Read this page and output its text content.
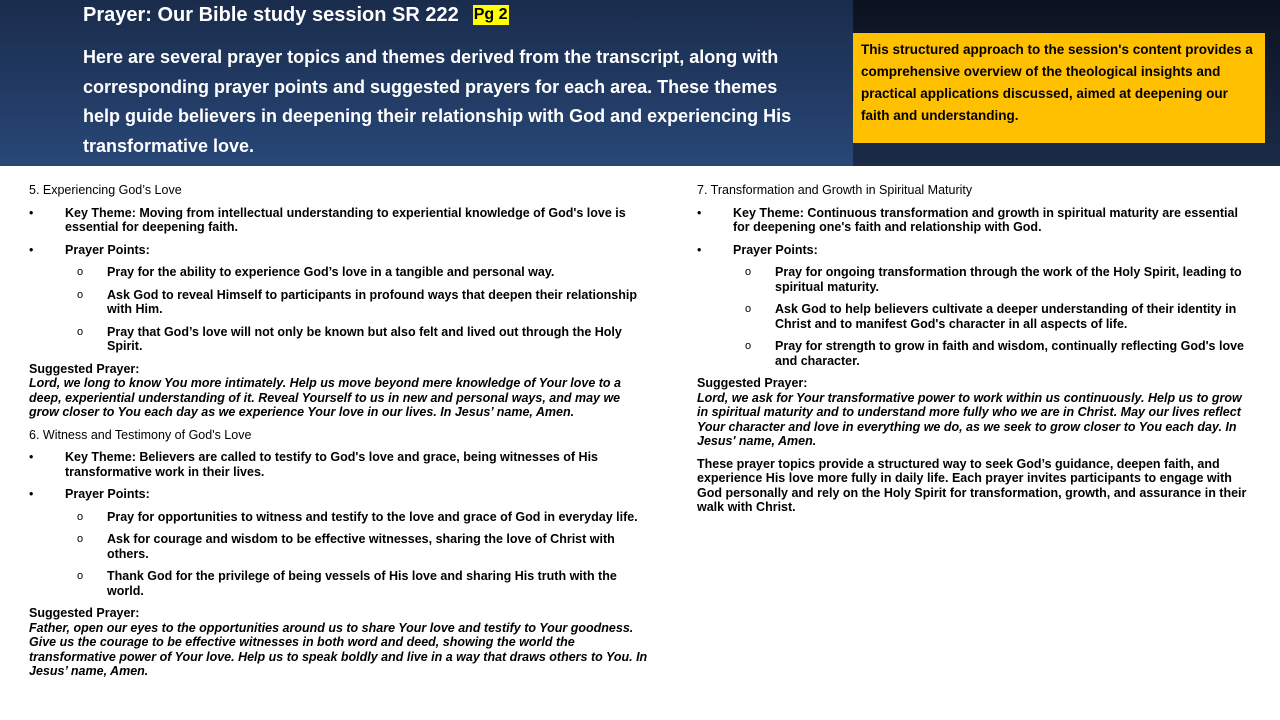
Prayer: Our Bible study session SR 222 Pg 2

Here are several prayer topics and themes derived from the transcript, along with corresponding prayer points and suggested prayers for each area. These themes help guide believers in deepening their relationship with God and experiencing His transformative love.

This structured approach to the session's content provides a comprehensive overview of the theological insights and practical applications discussed, aimed at deepening our faith and understanding.

5. Experiencing God’s Love

• Key Theme: Moving from intellectual understanding to experiential knowledge of God's love is essential for deepening faith.
• Prayer Points:
o Pray for the ability to experience God’s love in a tangible and personal way.
o Ask God to reveal Himself to participants in profound ways that deepen their relationship with Him.
o Pray that God’s love will not only be known but also felt and lived out through the Holy Spirit.

Suggested Prayer:

Lord, we long to know You more intimately. Help us move beyond mere knowledge of Your love to a deep, experiential understanding of it. Reveal Yourself to us in new and personal ways, and may we grow closer to You each day as we experience Your love in our lives. In Jesus’ name, Amen.

6. Witness and Testimony of God's Love

• Key Theme: Believers are called to testify to God's love and grace, being witnesses of His transformative work in their lives.
• Prayer Points:
o Pray for opportunities to witness and testify to the love and grace of God in everyday life.
o Ask for courage and wisdom to be effective witnesses, sharing the love of Christ with others.
o Thank God for the privilege of being vessels of His love and sharing His truth with the world.

Suggested Prayer:

Father, open our eyes to the opportunities around us to share Your love and testify to Your goodness. Give us the courage to be effective witnesses in both word and deed, showing the world the transformative power of Your love. Help us to speak boldly and live in a way that draws others to You. In Jesus’ name, Amen.

7. Transformation and Growth in Spiritual Maturity

• Key Theme: Continuous transformation and growth in spiritual maturity are essential for deepening one's faith and relationship with God.
• Prayer Points:
o Pray for ongoing transformation through the work of the Holy Spirit, leading to spiritual maturity.
o Ask God to help believers cultivate a deeper understanding of their identity in Christ and to manifest God's character in all aspects of life.
o Pray for strength to grow in faith and wisdom, continually reflecting God's love and character.

Suggested Prayer:

Lord, we ask for Your transformative power to work within us continuously. Help us to grow in spiritual maturity and to understand more fully who we are in Christ. May our lives reflect Your character and love in everything we do, as we seek to grow closer to You each day. In Jesus' name, Amen.

These prayer topics provide a structured way to seek God’s guidance, deepen faith, and experience His love more fully in daily life. Each prayer invites participants to engage with God personally and rely on the Holy Spirit for transformation, growth, and assurance in their walk with Christ.
